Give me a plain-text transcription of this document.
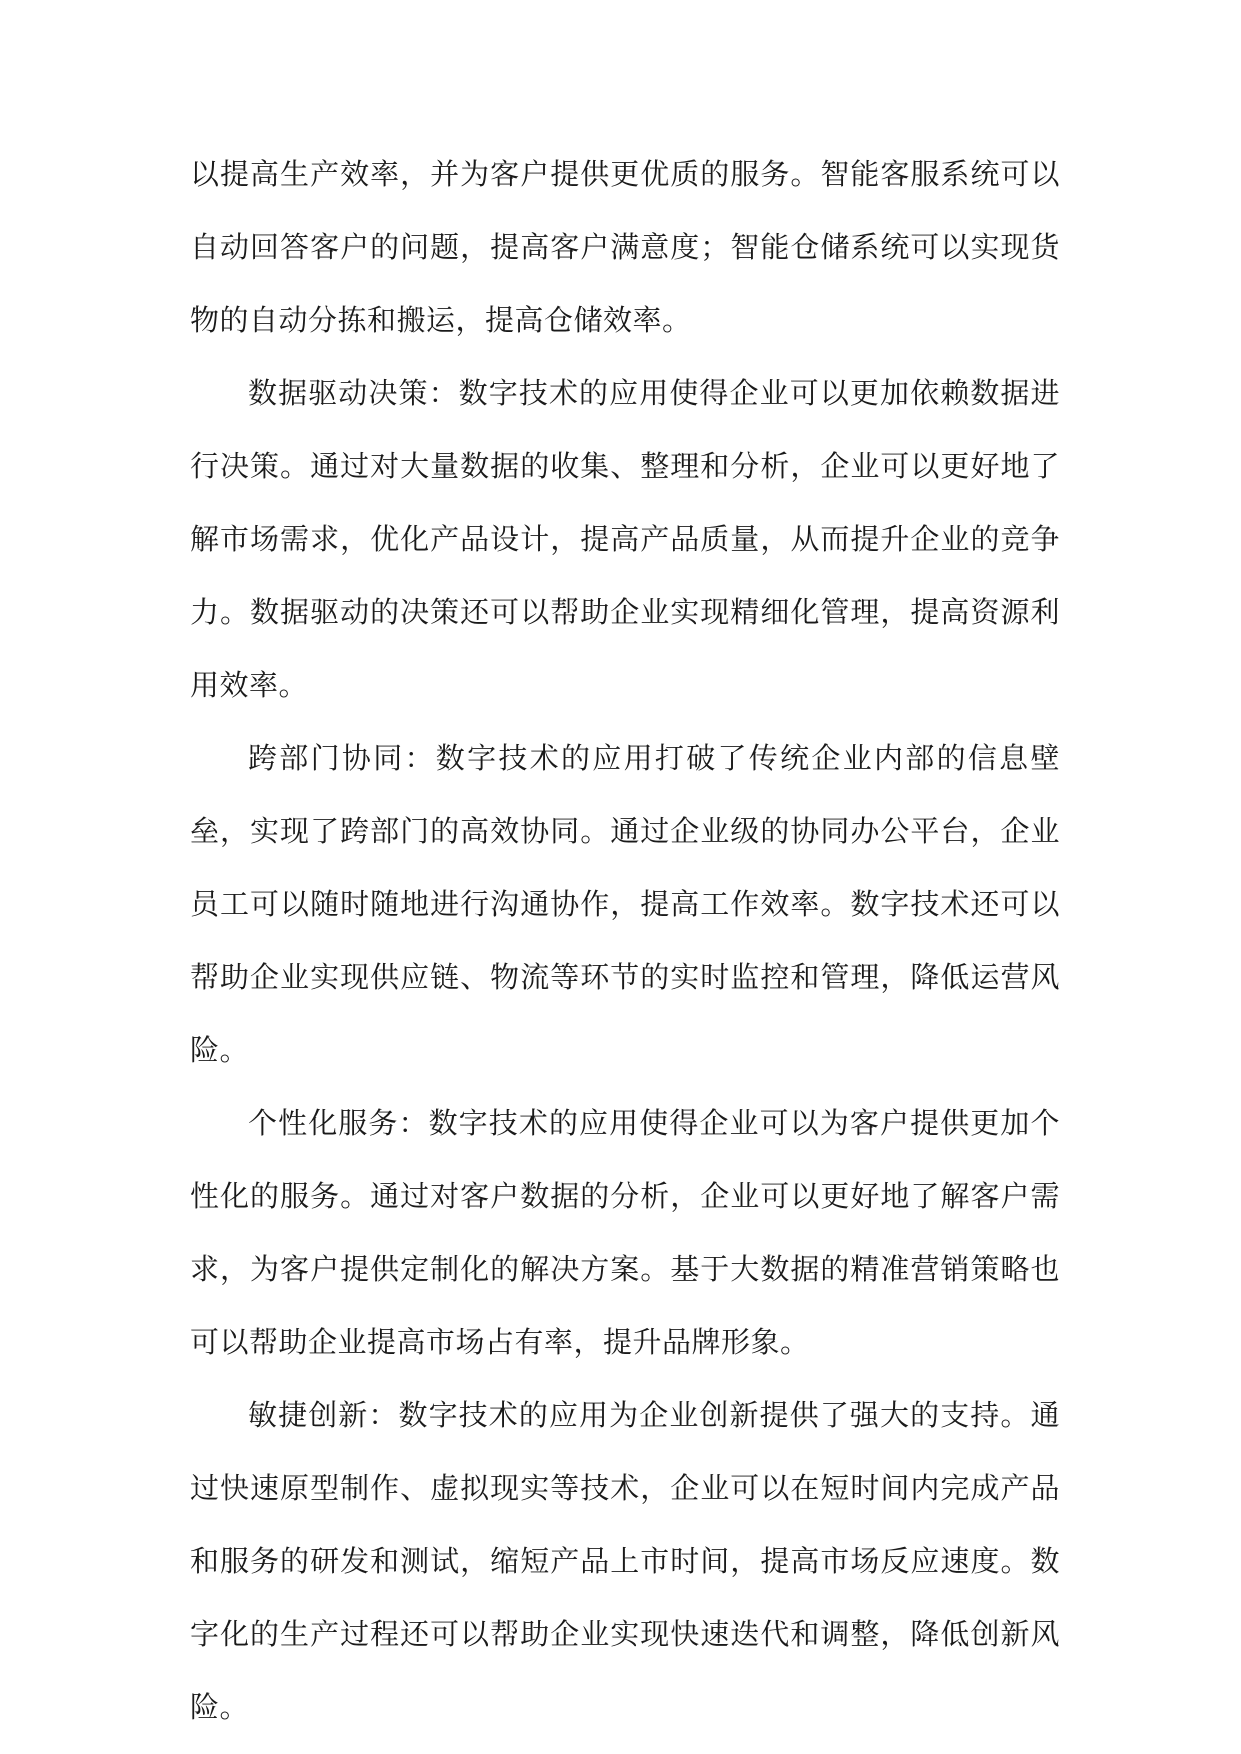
以提高生产效率，并为客户提供更优质的服务。智能客服系统可以自动回答客户的问题，提高客户满意度；智能仓储系统可以实现货物的自动分拣和搬运，提高仓储效率。

数据驱动决策：数字技术的应用使得企业可以更加依赖数据进行决策。通过对大量数据的收集、整理和分析，企业可以更好地了解市场需求，优化产品设计，提高产品质量，从而提升企业的竞争力。数据驱动的决策还可以帮助企业实现精细化管理，提高资源利用效率。

跨部门协同：数字技术的应用打破了传统企业内部的信息壁垒，实现了跨部门的高效协同。通过企业级的协同办公平台，企业员工可以随时随地进行沟通协作，提高工作效率。数字技术还可以帮助企业实现供应链、物流等环节的实时监控和管理，降低运营风险。

个性化服务：数字技术的应用使得企业可以为客户提供更加个性化的服务。通过对客户数据的分析，企业可以更好地了解客户需求，为客户提供定制化的解决方案。基于大数据的精准营销策略也可以帮助企业提高市场占有率，提升品牌形象。

敏捷创新：数字技术的应用为企业创新提供了强大的支持。通过快速原型制作、虚拟现实等技术，企业可以在短时间内完成产品和服务的研发和测试，缩短产品上市时间，提高市场反应速度。数字化的生产过程还可以帮助企业实现快速迭代和调整，降低创新风险。
